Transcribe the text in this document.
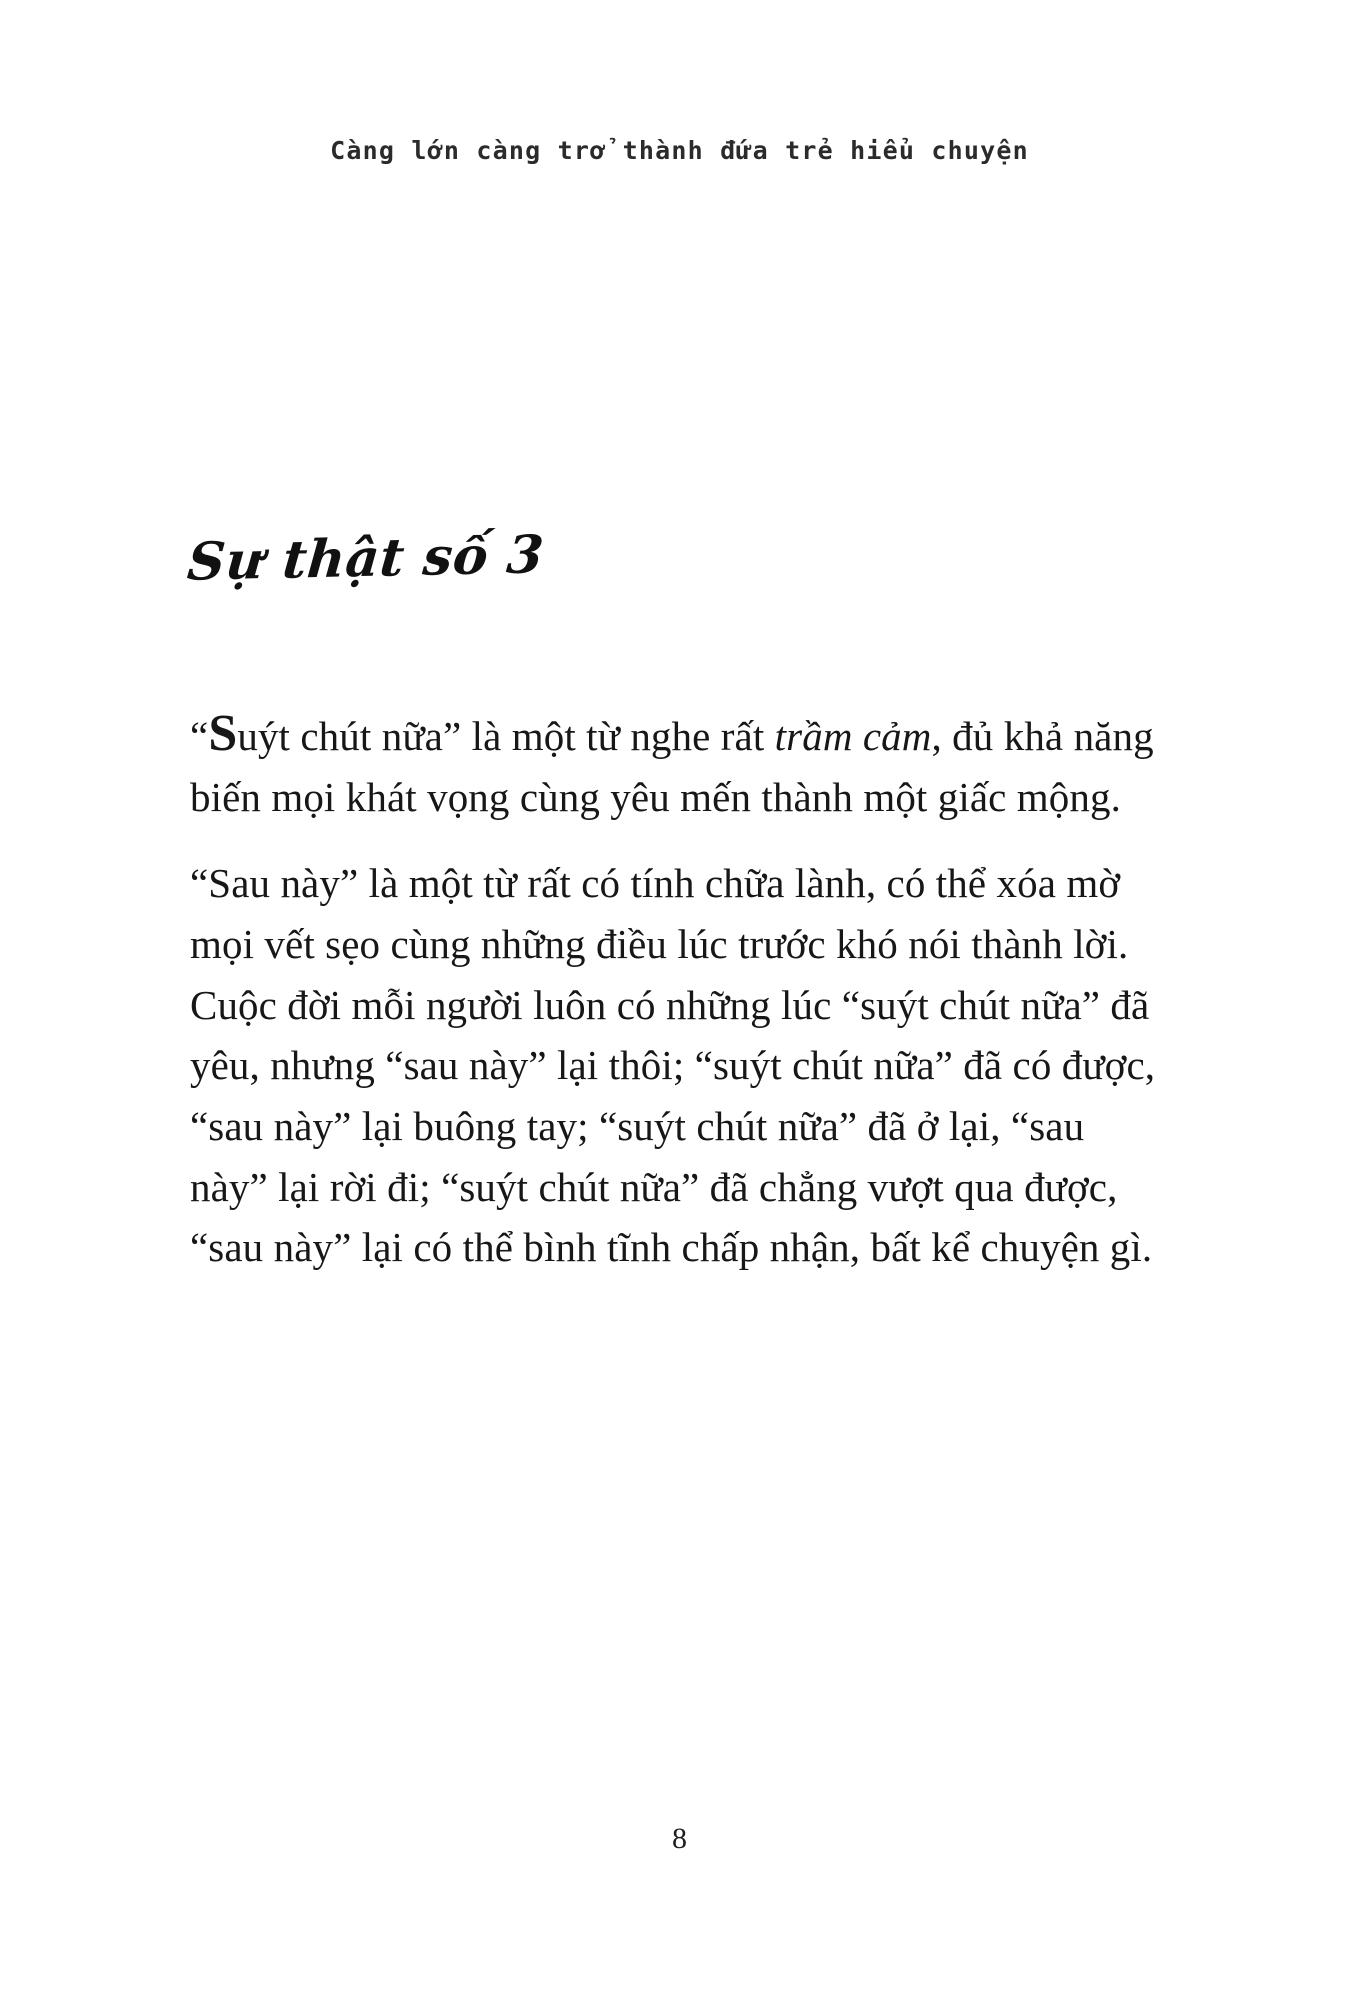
Càng lớn càng trở thành đứa trẻ hiểu chuyện
Sự thật số 3

“Suýt chút nữa” là một từ nghe rất trầm cảm, đủ khả năng biến mọi khát vọng cùng yêu mến thành một giấc mộng.

“Sau này” là một từ rất có tính chữa lành, có thể xóa mờ mọi vết sẹo cùng những điều lúc trước khó nói thành lời. Cuộc đời mỗi người luôn có những lúc “suýt chút nữa” đã yêu, nhưng “sau này” lại thôi; “suýt chút nữa” đã có được, “sau này” lại buông tay; “suýt chút nữa” đã ở lại, “sau này” lại rời đi; “suýt chút nữa” đã chẳng vượt qua được, “sau này” lại có thể bình tĩnh chấp nhận, bất kể chuyện gì.

8
